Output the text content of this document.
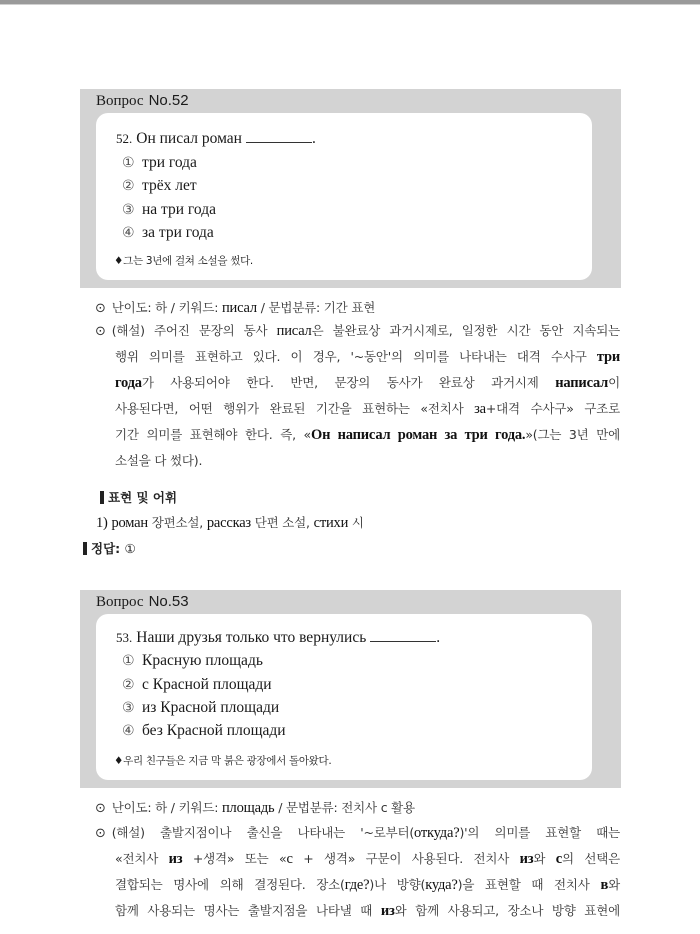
Вопрос No.52
52. Он писал роман	.
① три года
② трёх лет
③ на три года
④ за три года
♦그는 3년에 걸쳐 소설을 썼다.
⊙ 난이도: 하 / 키워드: писал / 문법분류: 기간 표현
⊙ (해설) 주어진 문장의 동사 писал은 불완료상 과거시제로, 일정한 시간 동안 지속되는
행위 의미를 표현하고 있다. 이 경우, '~동안'의 의미를 나타내는 대격 수사구 три
года가 사용되어야 한다. 반면, 문장의 동사가 완료상 과거시제 написал이
사용된다면, 어떤 행위가 완료된 기간을 표현하는 «전치사 за+대격 수사구» 구조로
기간 의미를 표현해야 한다. 즉, «Он написал роман за три года.»(그는 3년 만에
소설을 다 썼다).
표현 및 어휘
1) роман 장편소설, рассказ 단편 소설, стихи 시
정답: ①
Вопрос No.53
53. Наши друзья только что вернулись	.
① Красную площадь
② с Красной площади
③ из Красной площади
④ без Красной площади
♦우리 친구들은 지금 막 붉은 광장에서 돌아왔다.
⊙ 난이도: 하 / 키워드: площадь / 문법분류: 전치사 с 활용
⊙ (해설) 출발지점이나 출신을 나타내는 '~로부터(откуда?)'의 의미를 표현할 때는
«전치사 из +생격» 또는 «с + 생격» 구문이 사용된다. 전치사 из와 с의 선택은
결합되는 명사에 의해 결정된다. 장소(где?)나 방향(куда?)을 표현할 때 전치사 в와
함께 사용되는 명사는 출발지점을 나타낼 때 из와 함께 사용되고, 장소나 방향 표현에
